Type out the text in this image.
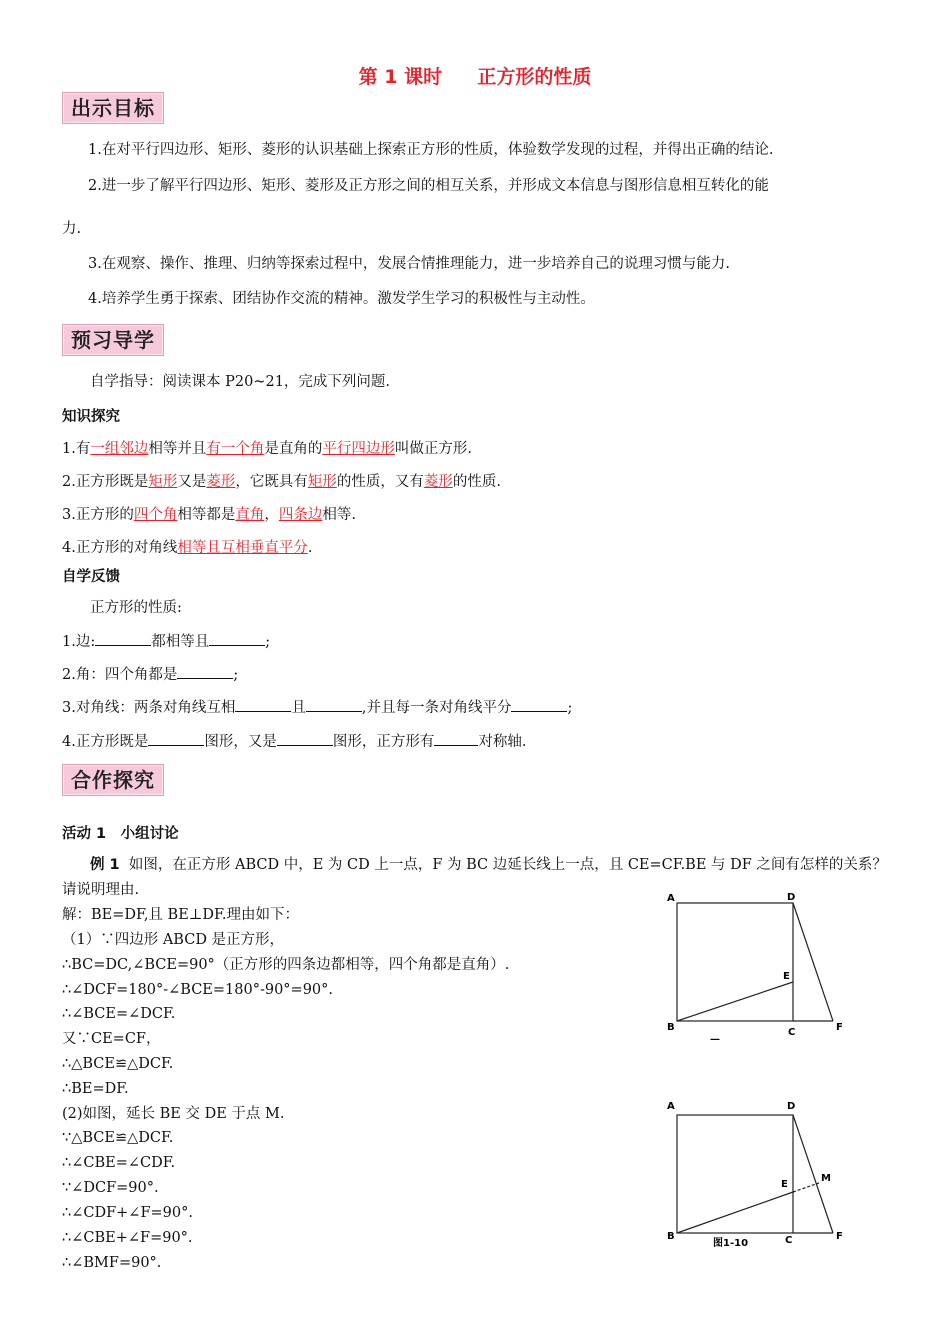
第 1 课时 正方形的性质
出示目标
1.在对平行四边形、矩形、菱形的认识基础上探索正方形的性质，体验数学发现的过程，并得出正确的结论.
2.进一步了解平行四边形、矩形、菱形及正方形之间的相互关系，并形成文本信息与图形信息相互转化的能
力.
3.在观察、操作、推理、归纳等探索过程中，发展合情推理能力，进一步培养自己的说理习惯与能力.
4.培养学生勇于探索、团结协作交流的精神。激发学生学习的积极性与主动性。
预习导学
自学指导：阅读课本 P20~21，完成下列问题.
知识探究
1.有一组邻边相等并且有一个角是直角的平行四边形叫做正方形.
2.正方形既是矩形又是菱形，它既具有矩形的性质，又有菱形的性质.
3.正方形的四个角相等都是直角，四条边相等.
4.正方形的对角线相等且互相垂直平分.
自学反馈
正方形的性质:
1.边:	都相等且	;
2.角：四个角都是	;
3.对角线：两条对角线互相	且	,并且每一条对角线平分	;
4.正方形既是	图形，又是	图形，正方形有	对称轴.
合作探究
活动 1　小组讨论
例 1 如图，在正方形 ABCD 中，E 为 CD 上一点，F 为 BC 边延长线上一点，且 CE=CF.BE 与 DF 之间有怎样的关系？
请说明理由.
解：BE=DF,且 BE⊥DF.理由如下：
（1）∵四边形 ABCD 是正方形，
∴BC=DC,∠BCE=90°（正方形的四条边都相等，四个角都是直角）.
∴∠DCF=180°-∠BCE=180°-90°=90°.
∴∠BCE=∠DCF.
又∵CE=CF，
∴△BCE≌△DCF.
∴BE=DF.
(2)如图，延长 BE 交 DE 于点 M.
∵△BCE≌△DCF.
∴∠CBE=∠CDF.
∵∠DCF=90°.
∴∠CDF+∠F=90°.
∴∠CBE+∠F=90°.
∴∠BMF=90°.
A	D
E
B	C	F
—
A	D
M
E
B	C	F
图1-10
